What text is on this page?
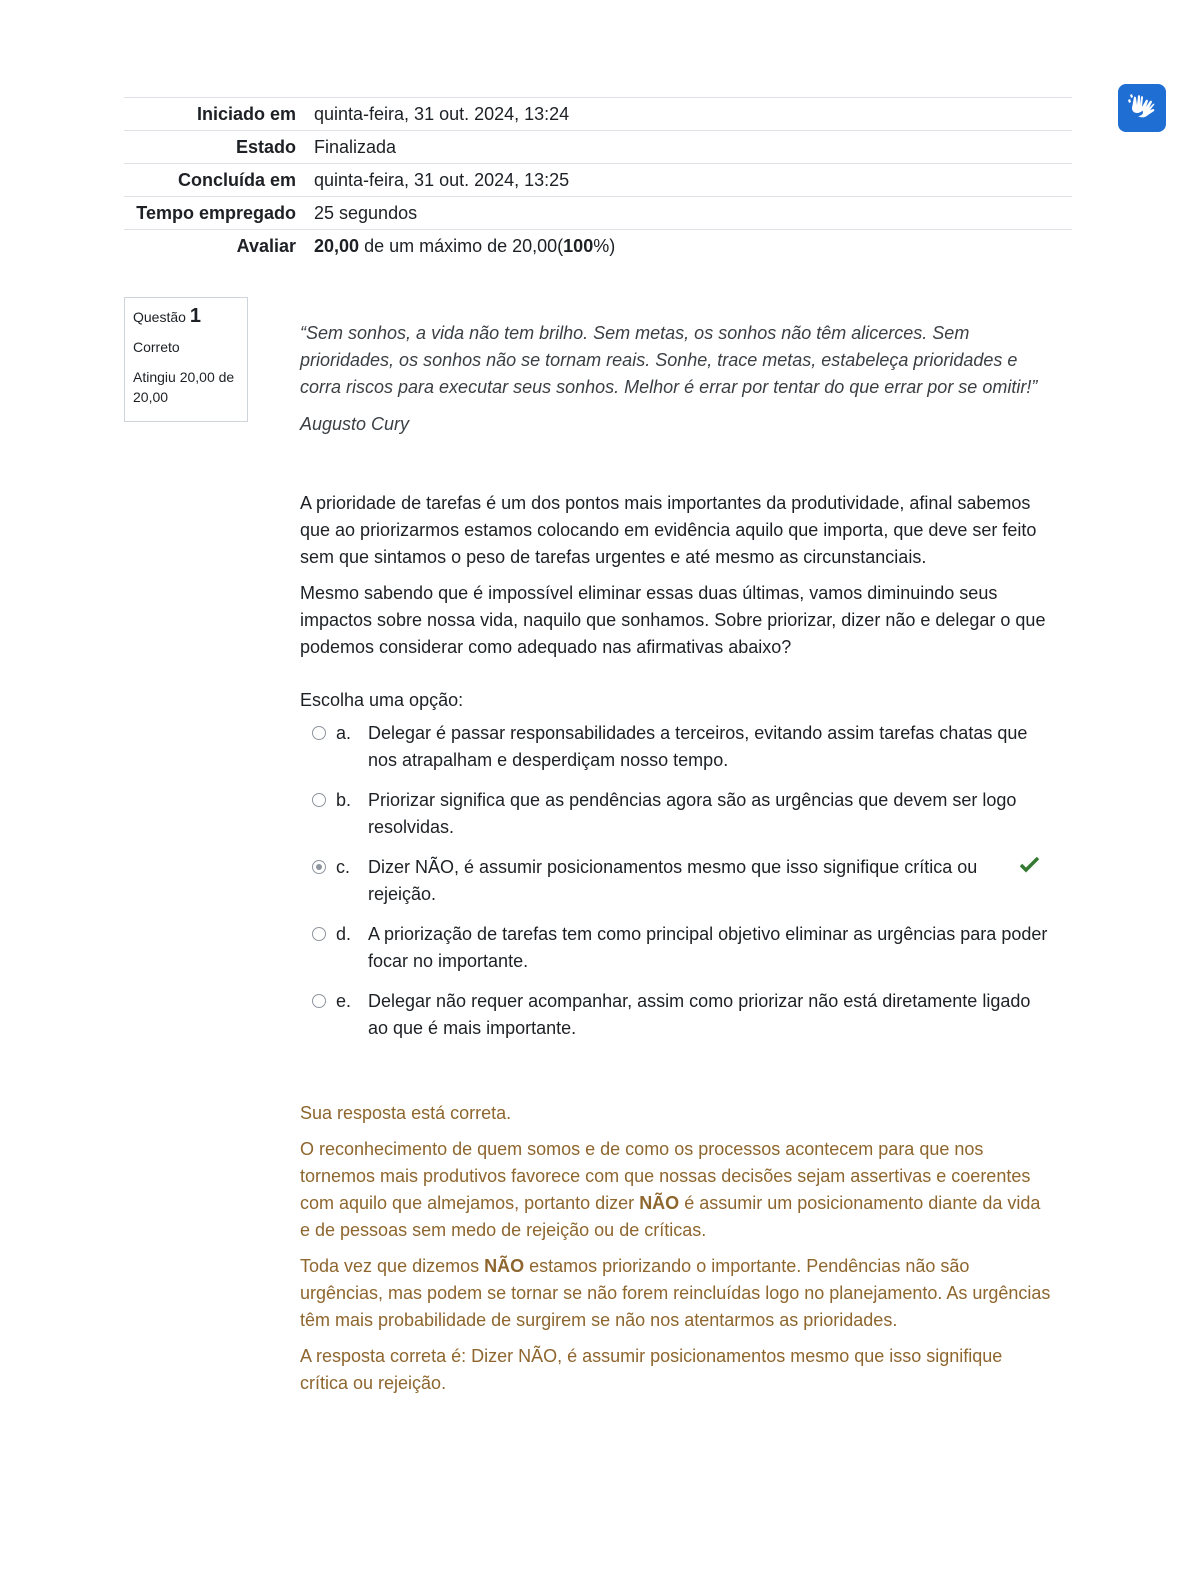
Iniciado em	quinta-feira, 31 out. 2024, 13:24
Estado	Finalizada
Concluída em	quinta-feira, 31 out. 2024, 13:25
Tempo empregado	25 segundos
Avaliar	20,00 de um máximo de 20,00(100%)
Questão 1
Correto
Atingiu 20,00 de 20,00

“Sem sonhos, a vida não tem brilho. Sem metas, os sonhos não têm alicerces. Sem prioridades, os sonhos não se tornam reais. Sonhe, trace metas, estabeleça prioridades e corra riscos para executar seus sonhos. Melhor é errar por tentar do que errar por se omitir!”

Augusto Cury

A prioridade de tarefas é um dos pontos mais importantes da produtividade, afinal sabemos que ao priorizarmos estamos colocando em evidência aquilo que importa, que deve ser feito sem que sintamos o peso de tarefas urgentes e até mesmo as circunstanciais.

Mesmo sabendo que é impossível eliminar essas duas últimas, vamos diminuindo seus impactos sobre nossa vida, naquilo que sonhamos. Sobre priorizar, dizer não e delegar o que podemos considerar como adequado nas afirmativas abaixo?

Escolha uma opção:

a. Delegar é passar responsabilidades a terceiros, evitando assim tarefas chatas que nos atrapalham e desperdiçam nosso tempo.
b. Priorizar significa que as pendências agora são as urgências que devem ser logo resolvidas.
c. Dizer NÃO, é assumir posicionamentos mesmo que isso signifique crítica ou rejeição.
d. A priorização de tarefas tem como principal objetivo eliminar as urgências para poder focar no importante.
e. Delegar não requer acompanhar, assim como priorizar não está diretamente ligado ao que é mais importante.

Sua resposta está correta.

O reconhecimento de quem somos e de como os processos acontecem para que nos tornemos mais produtivos favorece com que nossas decisões sejam assertivas e coerentes com aquilo que almejamos, portanto dizer NÃO é assumir um posicionamento diante da vida e de pessoas sem medo de rejeição ou de críticas.

Toda vez que dizemos NÃO estamos priorizando o importante. Pendências não são urgências, mas podem se tornar se não forem reincluídas logo no planejamento. As urgências têm mais probabilidade de surgirem se não nos atentarmos as prioridades.

A resposta correta é: Dizer NÃO, é assumir posicionamentos mesmo que isso signifique crítica ou rejeição.
